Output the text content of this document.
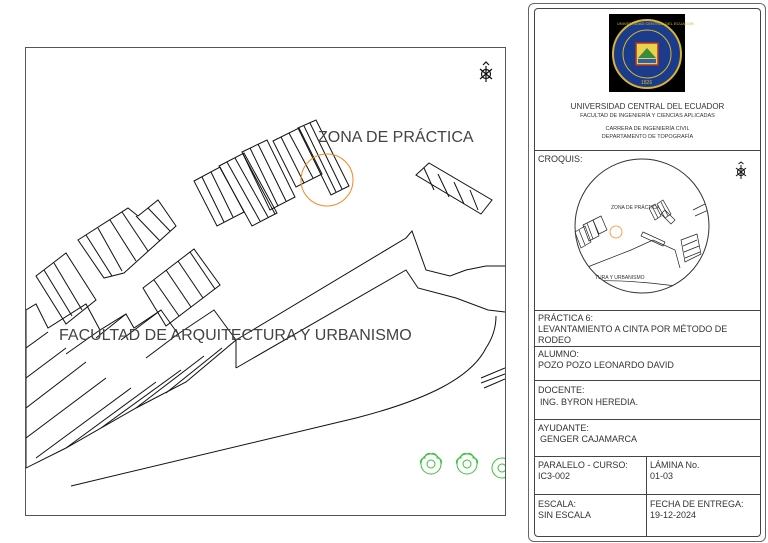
ZONA DE PRÁCTICA
FACULTAD DE ARQUITECTURA Y URBANISMO
UNIVERSIDAD CENTRAL DEL ECUADOR
1826
UNIVERSIDAD CENTRAL DEL ECUADOR
FACULTAD DE INGENIERÍA Y CIENCIAS APLICADAS
CARRERA DE INGENIERÍA CIVIL
DEPARTAMENTO DE TOPOGRAFÍA
CROQUIS:
ZONA DE PRÁCTICA
TURA Y URBANISMO
PRÁCTICA 6:
LEVANTAMIENTO A CINTA POR MÉTODO DE
RODEO
ALUMNO:
POZO POZO LEONARDO DAVID
DOCENTE:
ING. BYRON HEREDIA.
AYUDANTE:
GENGER CAJAMARCA
PARALELO - CURSO:
IC3-002
LÁMINA No.
01-03
ESCALA:
SIN ESCALA
FECHA DE ENTREGA:
19-12-2024
